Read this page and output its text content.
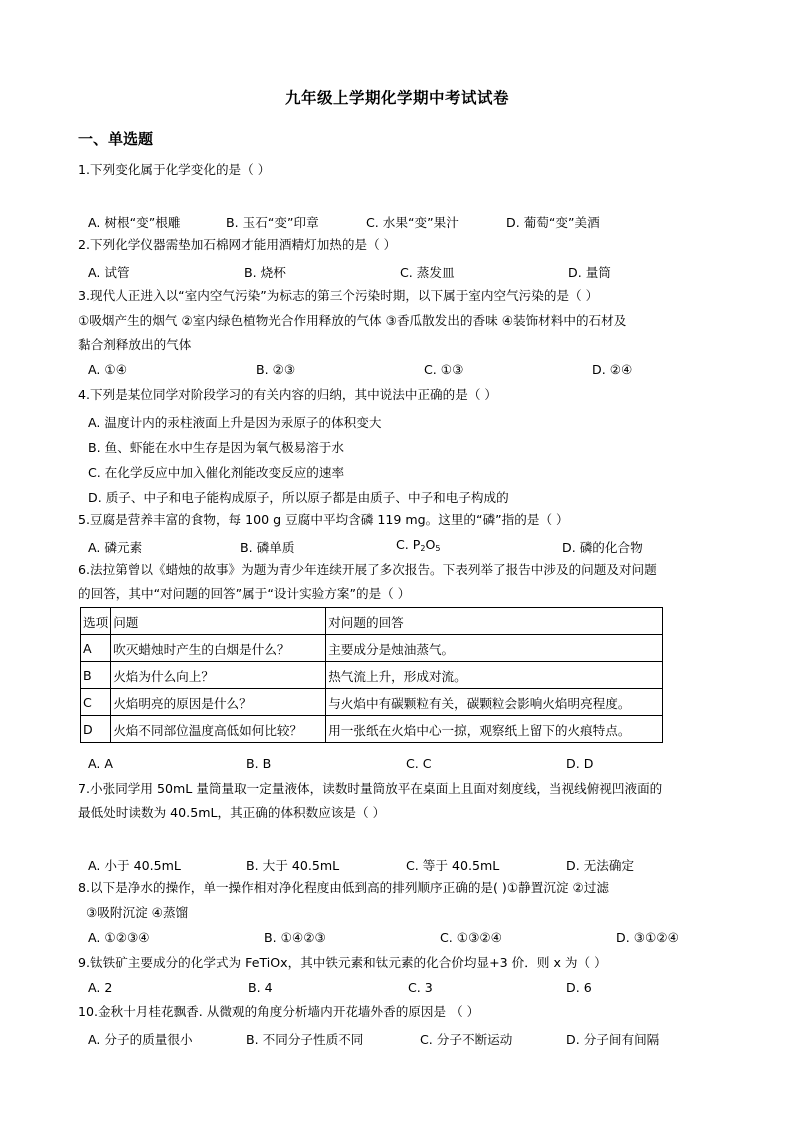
九年级上学期化学期中考试试卷
一、单选题
1.下列变化属于化学变化的是（ ）
A. 树根“变”根雕	B. 玉石“变”印章	C. 水果“变”果汁	D. 葡萄“变”美酒
2.下列化学仪器需垫加石棉网才能用酒精灯加热的是（ ）
A. 试管	B. 烧杯	C. 蒸发皿	D. 量筒
3.现代人正进入以“室内空气污染”为标志的第三个污染时期，以下属于室内空气污染的是（ ）
①吸烟产生的烟气 ②室内绿色植物光合作用释放的气体 ③香瓜散发出的香味 ④装饰材料中的石材及
黏合剂释放出的气体
A. ①④	B. ②③	C. ①③	D. ②④
4.下列是某位同学对阶段学习的有关内容的归纳，其中说法中正确的是（ ）
A. 温度计内的汞柱液面上升是因为汞原子的体积变大
B. 鱼、虾能在水中生存是因为氧气极易溶于水
C. 在化学反应中加入催化剂能改变反应的速率
D. 质子、中子和电子能构成原子，所以原子都是由质子、中子和电子构成的
5.豆腐是营养丰富的食物，每 100 g 豆腐中平均含磷 119 mg。这里的“磷”指的是（ ）
A. 磷元素	B. 磷单质	C. $P_2O_5$	D. 磷的化合物
6.法拉第曾以《蜡烛的故事》为题为青少年连续开展了多次报告。下表列举了报告中涉及的问题及对问题
的回答，其中“对问题的回答”属于“设计实验方案”的是（ ）
选项	问题	对问题的回答
A	吹灭蜡烛时产生的白烟是什么？	主要成分是烛油蒸气。
B	火焰为什么向上？	热气流上升，形成对流。
C	火焰明亮的原因是什么？	与火焰中有碳颗粒有关，碳颗粒会影响火焰明亮程度。
D	火焰不同部位温度高低如何比较？	用一张纸在火焰中心一掠，观察纸上留下的火痕特点。
A. A	B. B	C. C	D. D
7.小张同学用 50mL 量筒量取一定量液体，读数时量筒放平在桌面上且面对刻度线，当视线俯视凹液面的
最低处时读数为 40.5mL，其正确的体积数应该是（ ）
A. 小于 40.5mL	B. 大于 40.5mL	C. 等于 40.5mL	D. 无法确定
8.以下是净水的操作，单一操作相对净化程度由低到高的排列顺序正确的是( )①静置沉淀 ②过滤
③吸附沉淀 ④蒸馏
A. ①②③④	B. ①④②③	C. ①③②④	D. ③①②④
9.钛铁矿主要成分的化学式为 FeTiOx，其中铁元素和钛元素的化合价均显+3 价．则 x 为（ ）
A. 2	B. 4	C. 3	D. 6
10.金秋十月桂花飘香. 从微观的角度分析墙内开花墙外香的原因是 （ ）
A. 分子的质量很小	B. 不同分子性质不同	C. 分子不断运动	D. 分子间有间隔
